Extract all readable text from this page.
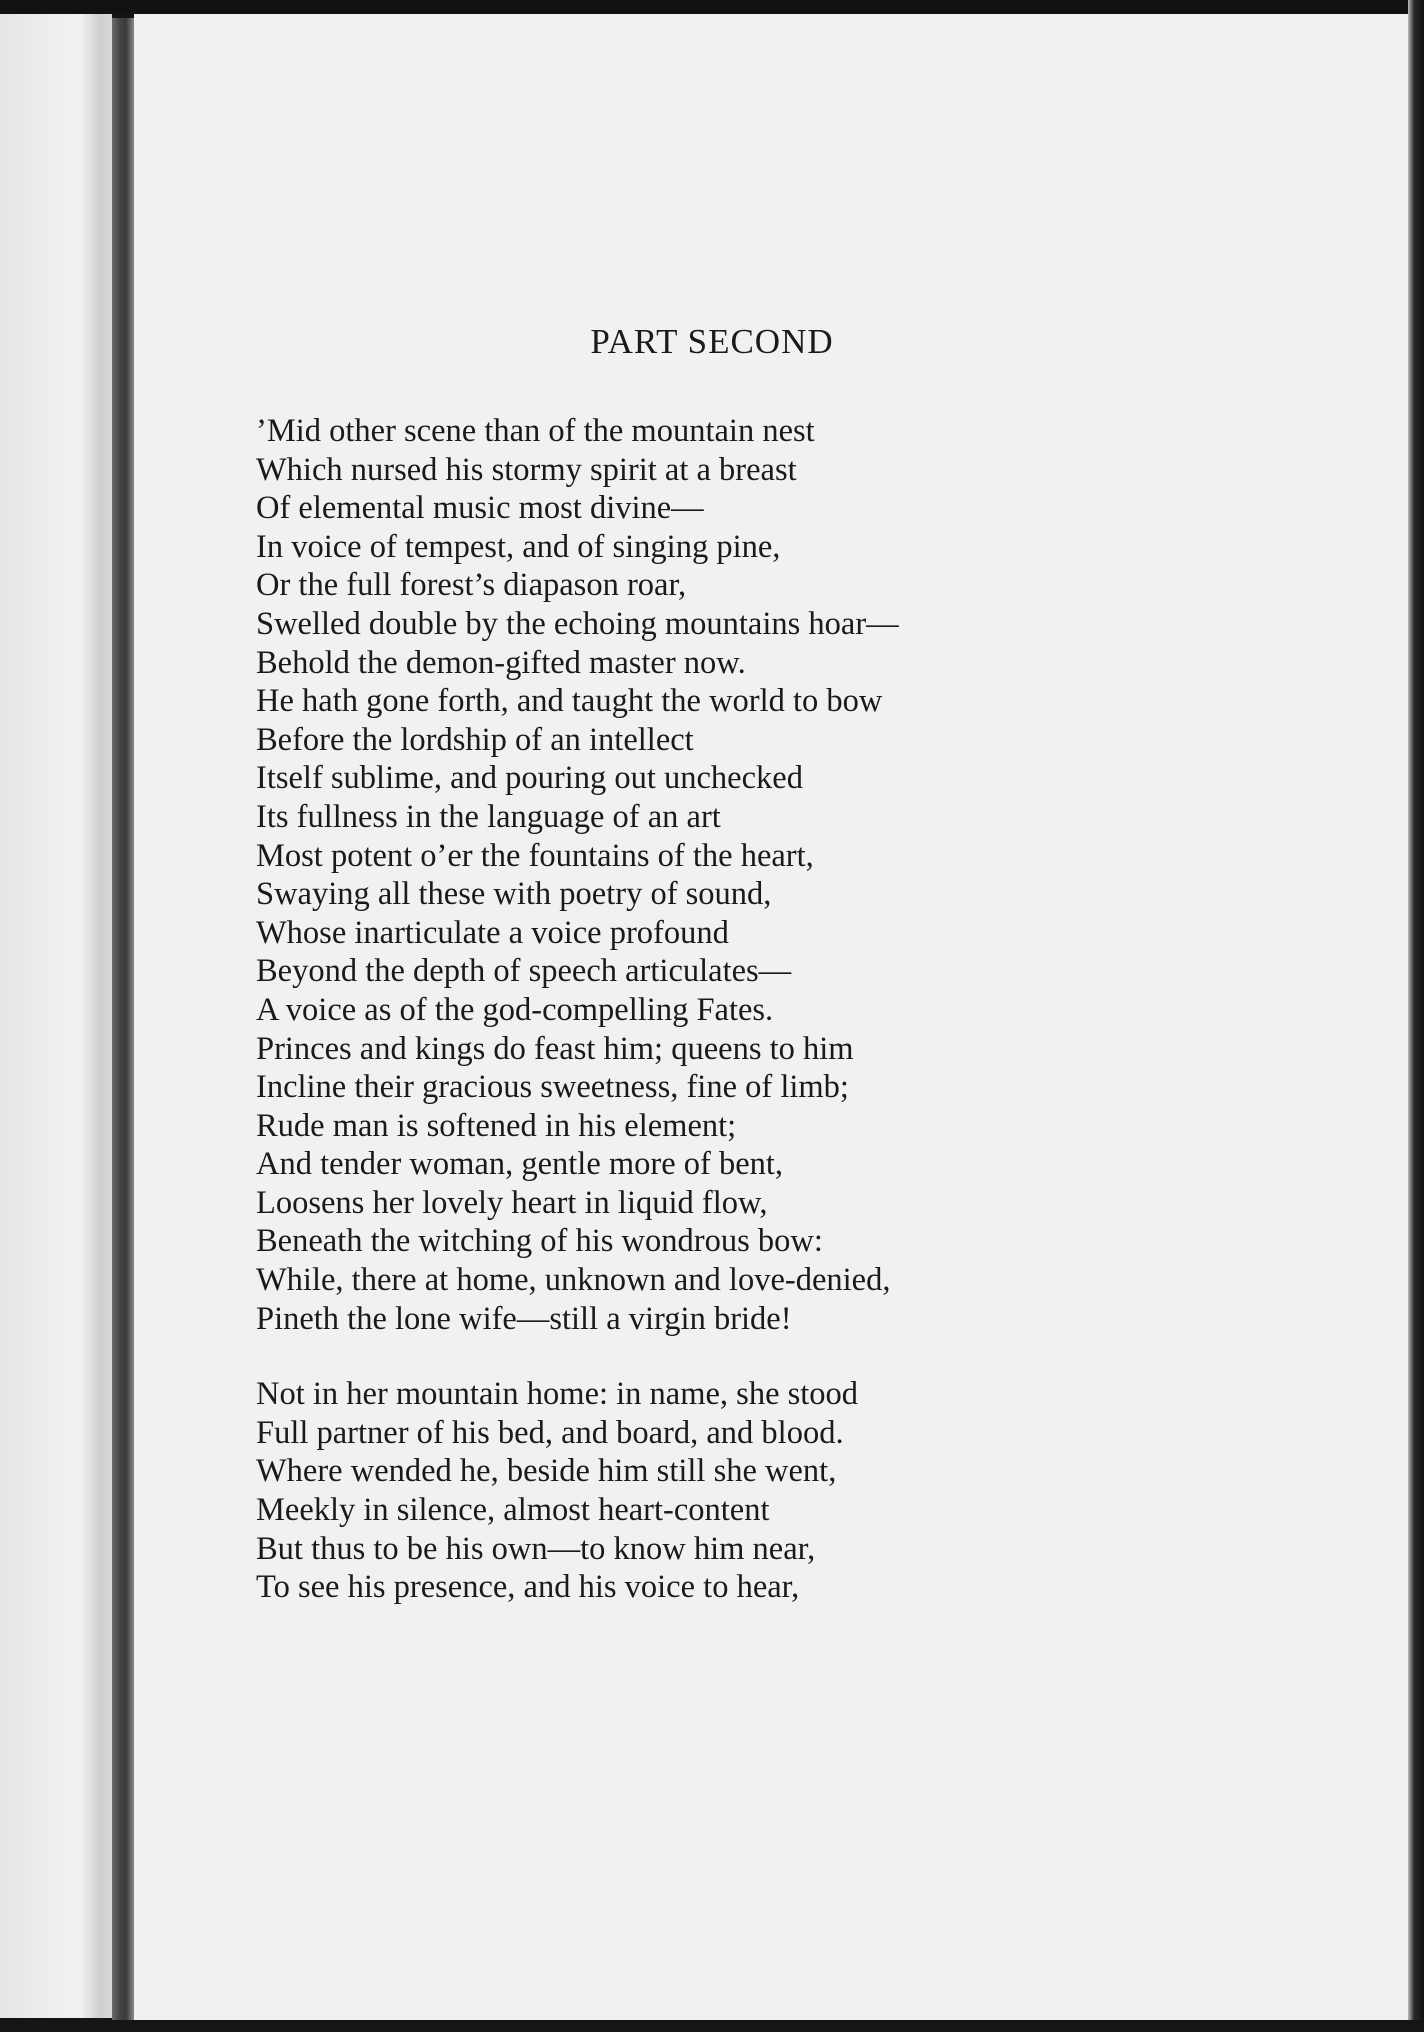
PART SECOND

’Mid other scene than of the mountain nest
Which nursed his stormy spirit at a breast
Of elemental music most divine—
In voice of tempest, and of singing pine,
Or the full forest’s diapason roar,
Swelled double by the echoing mountains hoar—
Behold the demon-gifted master now.
He hath gone forth, and taught the world to bow
Before the lordship of an intellect
Itself sublime, and pouring out unchecked
Its fullness in the language of an art
Most potent o’er the fountains of the heart,
Swaying all these with poetry of sound,
Whose inarticulate a voice profound
Beyond the depth of speech articulates—
A voice as of the god-compelling Fates.
Princes and kings do feast him; queens to him
Incline their gracious sweetness, fine of limb;
Rude man is softened in his element;
And tender woman, gentle more of bent,
Loosens her lovely heart in liquid flow,
Beneath the witching of his wondrous bow:
While, there at home, unknown and love-denied,
Pineth the lone wife—still a virgin bride!

Not in her mountain home: in name, she stood
Full partner of his bed, and board, and blood.
Where wended he, beside him still she went,
Meekly in silence, almost heart-content
But thus to be his own—to know him near,
To see his presence, and his voice to hear,
